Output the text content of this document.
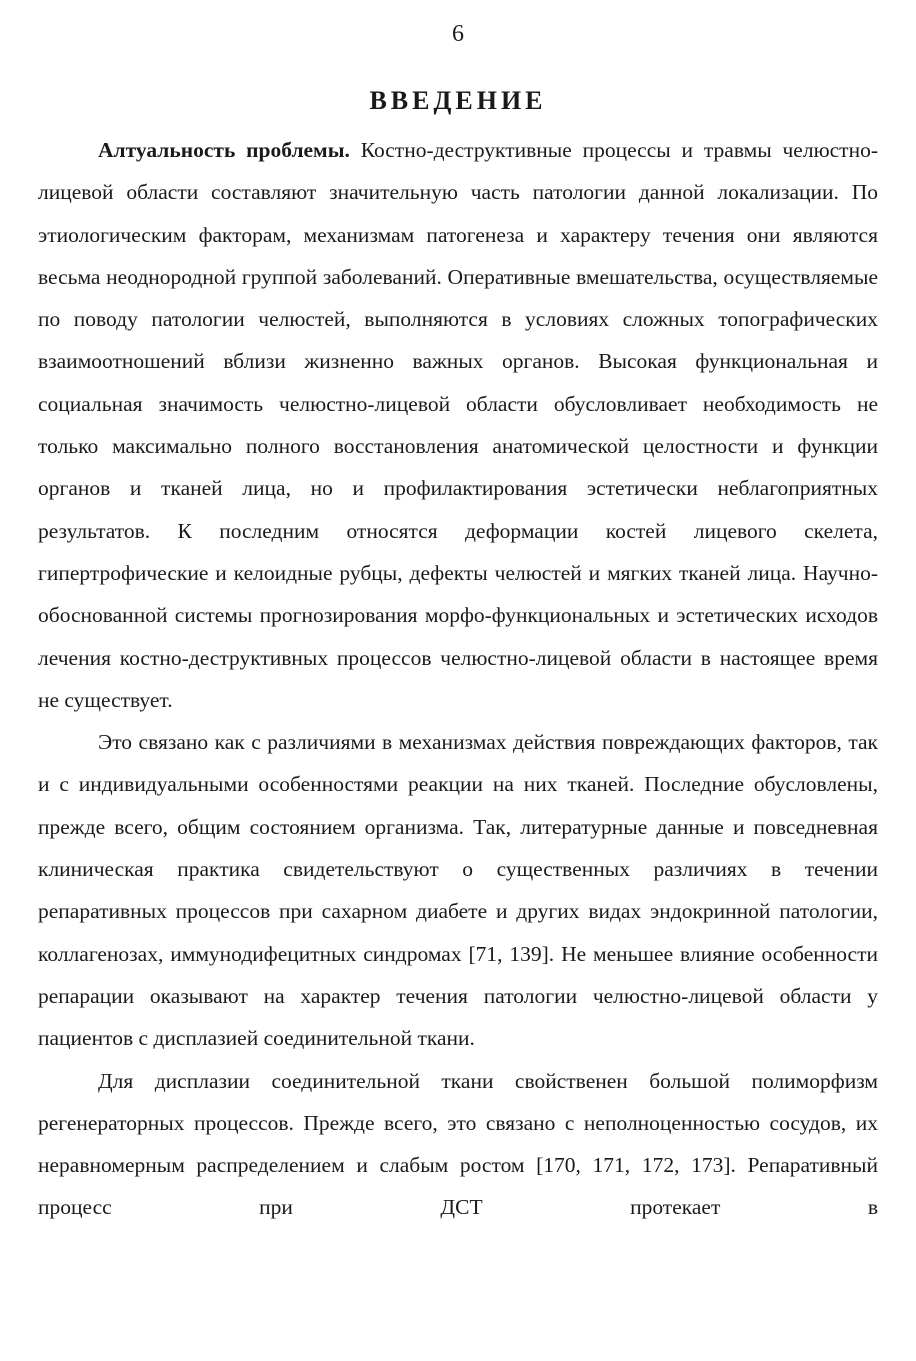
6
ВВЕДЕНИЕ

Алтуальность проблемы. Костно-деструктивные процессы и травмы челюстно-лицевой области составляют значительную часть патологии данной локализации. По этиологическим факторам, механизмам патогенеза и характеру течения они являются весьма неоднородной группой заболеваний. Оперативные вмешательства, осуществляемые по поводу патологии челюстей, выполняются в условиях сложных топографических взаимоотношений вблизи жизненно важных органов. Высокая функциональная и социальная значимость челюстно-лицевой области обусловливает необходимость не только максимально полного восстановления анатомической целостности и функции органов и тканей лица, но и профилактирования эстетически неблагоприятных результатов. К последним относятся деформации костей лицевого скелета, гипертрофические и келоидные рубцы, дефекты челюстей и мягких тканей лица. Научно-обоснованной системы прогнозирования морфо-функциональных и эстетических исходов лечения костно-деструктивных процессов челюстно-лицевой области в настоящее время не существует.

Это связано как с различиями в механизмах действия повреждающих факторов, так и с индивидуальными особенностями реакции на них тканей. Последние обусловлены, прежде всего, общим состоянием организма. Так, литературные данные и повседневная клиническая практика свидетельствуют о существенных различиях в течении репаративных процессов при сахарном диабете и других видах эндокринной патологии, коллагенозах, иммунодифецитных синдромах [71, 139]. Не меньшее влияние особенности репарации оказывают на характер течения патологии челюстно-лицевой области у пациентов с дисплазией соединительной ткани.

Для дисплазии соединительной ткани свойственен большой полиморфизм регенераторных процессов. Прежде всего, это связано с неполноценностью сосудов, их неравномерным распределением и слабым ростом [170, 171, 172, 173]. Репаративный процесс при ДСТ протекает в
